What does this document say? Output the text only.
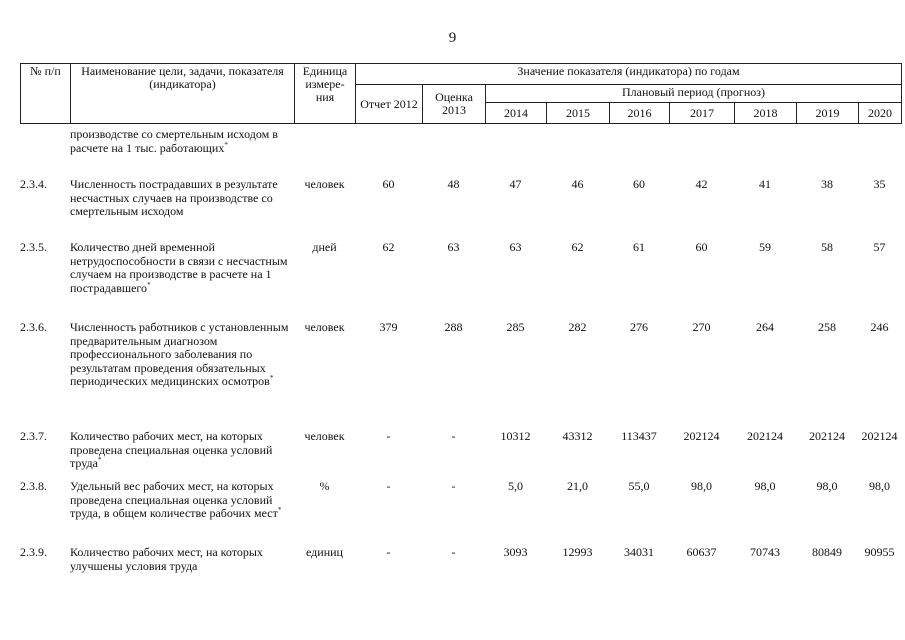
9
№ п/п	Наименование цели, задачи, показателя (индикатора)	Единица измере-ния	Значение показателя (индикатора) по годам								
			Отчет 2012	Оценка 2013	Плановый период (прогноз)						
					2014	2015	2016	2017	2018	2019	2020
	производстве со смертельным исходом в расчете на 1 тыс. работающих*										
2.3.4.	Численность пострадавших в результате несчастных случаев на производстве со смертельным исходом	человек	60	48	47	46	60	42	41	38	35
2.3.5.	Количество дней временной нетрудоспособности в связи с несчастным случаем на производстве в расчете на 1 пострадавшего*	дней	62	63	63	62	61	60	59	58	57
2.3.6.	Численность работников с установленным предварительным диагнозом профессионального заболевания по результатам проведения обязательных периодических медицинских осмотров*	человек	379	288	285	282	276	270	264	258	246
2.3.7.	Количество рабочих мест, на которых проведена специальная оценка условий труда*	человек	-	-	10312	43312	113437	202124	202124	202124	202124
2.3.8.	Удельный вес рабочих мест, на которых проведена специальная оценка условий труда, в общем количестве рабочих мест*	%	-	-	5,0	21,0	55,0	98,0	98,0	98,0	98,0
2.3.9.	Количество рабочих мест, на которых улучшены условия труда	единиц	-	-	3093	12993	34031	60637	70743	80849	90955
